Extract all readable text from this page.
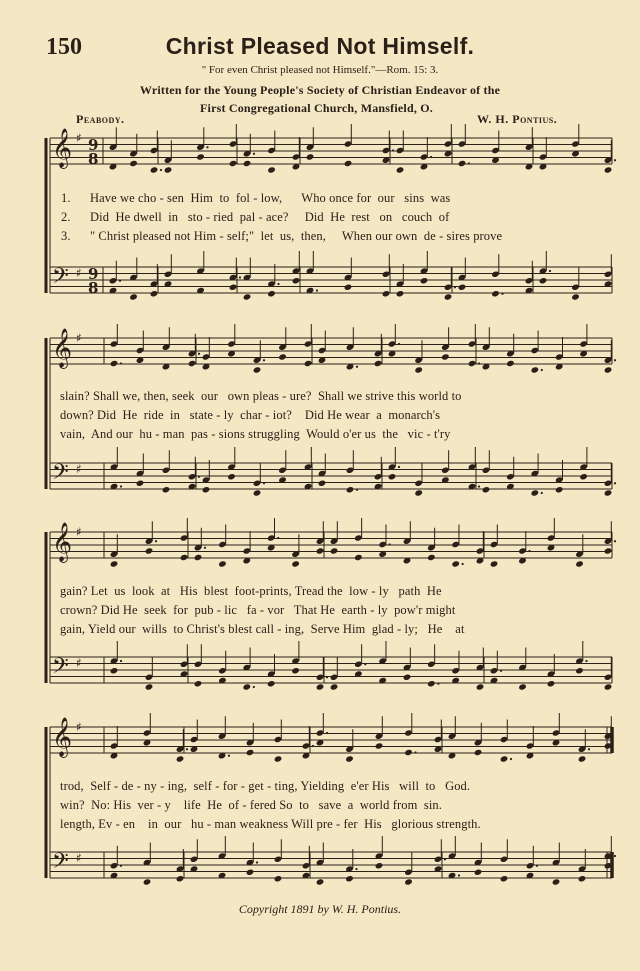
150	Christ Pleased Not Himself.
" For even Christ pleased not Himself."—Rom. 15: 3.
Written for the Young People's Society of Christian Endeavor of the
First Congregational Church, Mansfield, O.
Peabody.	W. H. Pontius.
𝄞
𝄢
♯
♯
9
8
9
8
𝄞
𝄢
♯
♯
𝄞
𝄢
♯
♯
𝄞
𝄢
♯
♯
1. Have we cho - sen  Him  to  fol - low,      Who once for  our   sins  was
2. Did  He dwell  in   sto - ried  pal - ace?     Did  He  rest   on   couch  of
3. " Christ pleased not Him - self;"  let  us,  then,     When our own  de - sires prove
slain? Shall we, then, seek  our   own pleas - ure?  Shall we strive this world to
down? Did  He  ride  in   state - ly  char - iot?    Did He wear  a  monarch's
vain,  And our  hu - man  pas - sions struggling  Would o'er us  the   vic - t'ry
gain? Let  us  look  at   His  blest  foot-prints, Tread the  low - ly   path  He
crown? Did He  seek  for  pub - lic   fa - vor   That He  earth - ly  pow'r might
gain, Yield our  wills  to Christ's blest call - ing,  Serve Him  glad - ly;   He    at
trod,  Self - de - ny - ing,  self - for - get - ting, Yielding  e'er His   will  to   God.
win?  No: His  ver - y    life  He  of - fered So  to   save  a  world from  sin.
length, Ev - en    in  our   hu - man weakness Will pre - fer  His   glorious strength.
Copyright 1891 by W. H. Pontius.
